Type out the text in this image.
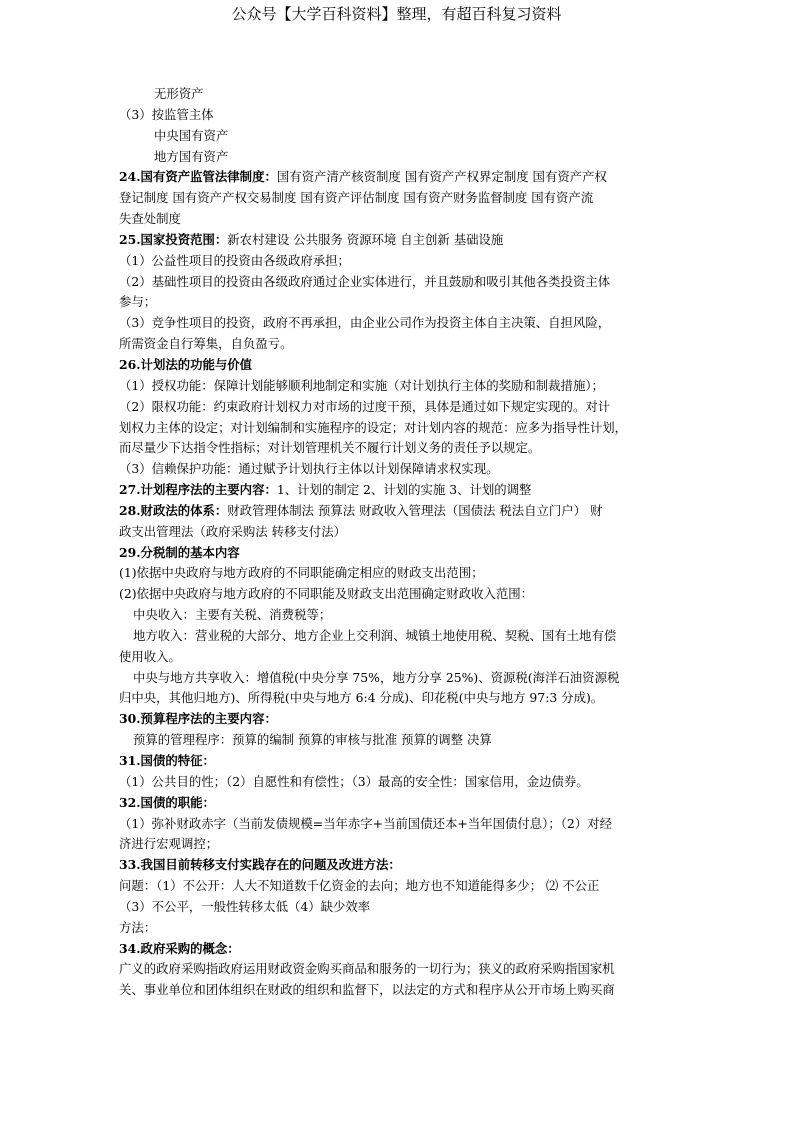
公众号【大学百科资料】整理，有超百科复习资料
无形资产
（3）按监管主体
中央国有资产
地方国有资产
24.国有资产监管法律制度：国有资产清产核资制度 国有资产产权界定制度 国有资产产权
登记制度 国有资产产权交易制度 国有资产评估制度 国有资产财务监督制度 国有资产流
失查处制度
25.国家投资范围：新农村建设 公共服务 资源环境 自主创新 基础设施
（1）公益性项目的投资由各级政府承担；
（2）基础性项目的投资由各级政府通过企业实体进行，并且鼓励和吸引其他各类投资主体
参与；
（3）竞争性项目的投资，政府不再承担，由企业公司作为投资主体自主决策、自担风险，
所需资金自行筹集，自负盈亏。
26.计划法的功能与价值
（1）授权功能：保障计划能够顺利地制定和实施（对计划执行主体的奖励和制裁措施）；
（2）限权功能：约束政府计划权力对市场的过度干预，具体是通过如下规定实现的。对计
划权力主体的设定；对计划编制和实施程序的设定；对计划内容的规范：应多为指导性计划，
而尽量少下达指令性指标；对计划管理机关不履行计划义务的责任予以规定。
（3）信赖保护功能：通过赋予计划执行主体以计划保障请求权实现。
27.计划程序法的主要内容：1、计划的制定 2、计划的实施 3、计划的调整
28.财政法的体系：财政管理体制法 预算法 财政收入管理法（国债法 税法自立门户） 财
政支出管理法（政府采购法 转移支付法）
29.分税制的基本内容
(1)依据中央政府与地方政府的不同职能确定相应的财政支出范围；
(2)依据中央政府与地方政府的不同职能及财政支出范围确定财政收入范围：
中央收入：主要有关税、消费税等；
地方收入：营业税的大部分、地方企业上交利润、城镇土地使用税、契税、国有土地有偿
使用收入。
中央与地方共享收入：增值税(中央分享 75%，地方分享 25%)、资源税(海洋石油资源税
归中央，其他归地方)、所得税(中央与地方 6:4 分成)、印花税(中央与地方 97:3 分成)。
30.预算程序法的主要内容：
预算的管理程序：预算的编制 预算的审核与批准 预算的调整 决算
31.国债的特征：
（1）公共目的性；（2）自愿性和有偿性；（3）最高的安全性：国家信用，金边债券。
32.国债的职能：
（1）弥补财政赤字（当前发债规模=当年赤字+当前国债还本+当年国债付息）；（2）对经
济进行宏观调控；
33.我国目前转移支付实践存在的问题及改进方法：
问题：（1）不公开：人大不知道数千亿资金的去向；地方也不知道能得多少； ⑵ 不公正
（3）不公平，一般性转移太低（4）缺少效率
方法：
34.政府采购的概念：
广义的政府采购指政府运用财政资金购买商品和服务的一切行为；狭义的政府采购指国家机
关、事业单位和团体组织在财政的组织和监督下，以法定的方式和程序从公开市场上购买商
